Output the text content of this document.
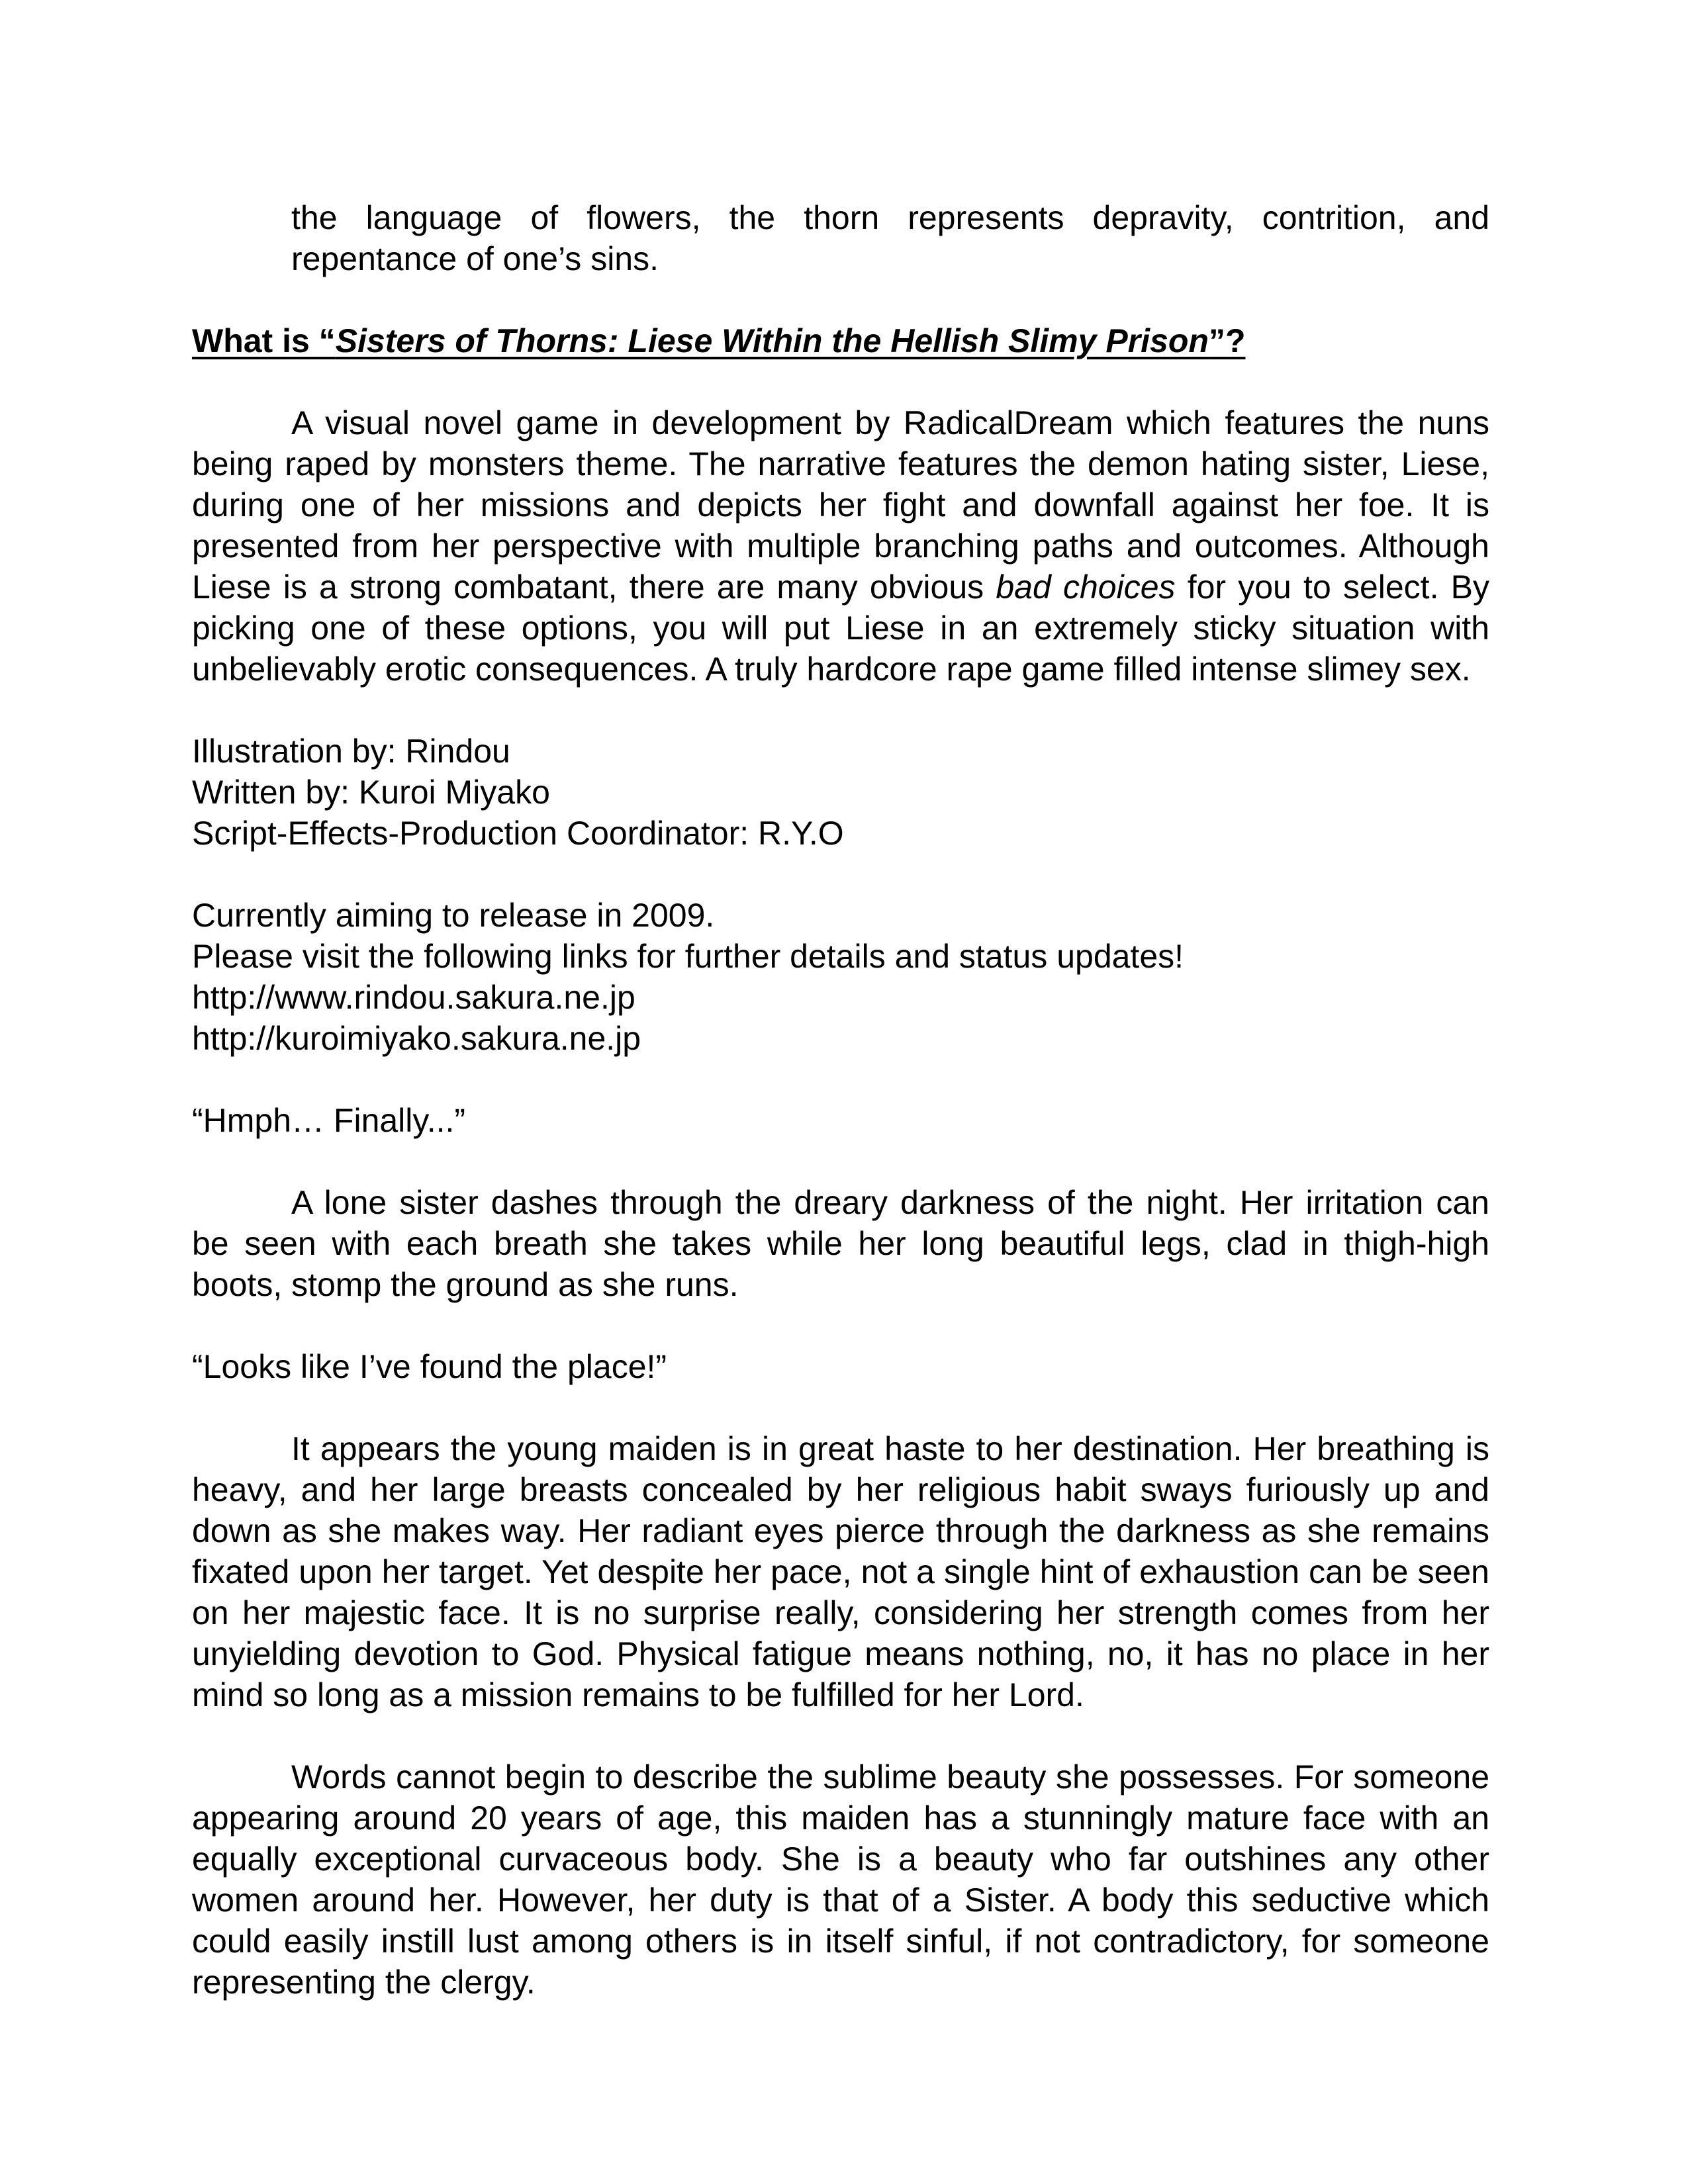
the language of flowers, the thorn represents depravity, contrition, and repentance of one’s sins.

What is “Sisters of Thorns: Liese Within the Hellish Slimy Prison”?

A visual novel game in development by RadicalDream which features the nuns being raped by monsters theme. The narrative features the demon hating sister, Liese, during one of her missions and depicts her fight and downfall against her foe. It is presented from her perspective with multiple branching paths and outcomes. Although Liese is a strong combatant, there are many obvious bad choices for you to select. By picking one of these options, you will put Liese in an extremely sticky situation with unbelievably erotic consequences. A truly hardcore rape game filled intense slimey sex.

Illustration by: Rindou

Written by: Kuroi Miyako

Script-Effects-Production Coordinator: R.Y.O

Currently aiming to release in 2009.

Please visit the following links for further details and status updates!

http://www.rindou.sakura.ne.jp

http://kuroimiyako.sakura.ne.jp

“Hmph… Finally...”

A lone sister dashes through the dreary darkness of the night. Her irritation can be seen with each breath she takes while her long beautiful legs, clad in thigh-high boots, stomp the ground as she runs.

“Looks like I’ve found the place!”

It appears the young maiden is in great haste to her destination. Her breathing is heavy, and her large breasts concealed by her religious habit sways furiously up and down as she makes way. Her radiant eyes pierce through the darkness as she remains fixated upon her target. Yet despite her pace, not a single hint of exhaustion can be seen on her majestic face. It is no surprise really, considering her strength comes from her unyielding devotion to God. Physical fatigue means nothing, no, it has no place in her mind so long as a mission remains to be fulfilled for her Lord.

Words cannot begin to describe the sublime beauty she possesses. For someone appearing around 20 years of age, this maiden has a stunningly mature face with an equally exceptional curvaceous body. She is a beauty who far outshines any other women around her. However, her duty is that of a Sister. A body this seductive which could easily instill lust among others is in itself sinful, if not contradictory, for someone representing the clergy.
